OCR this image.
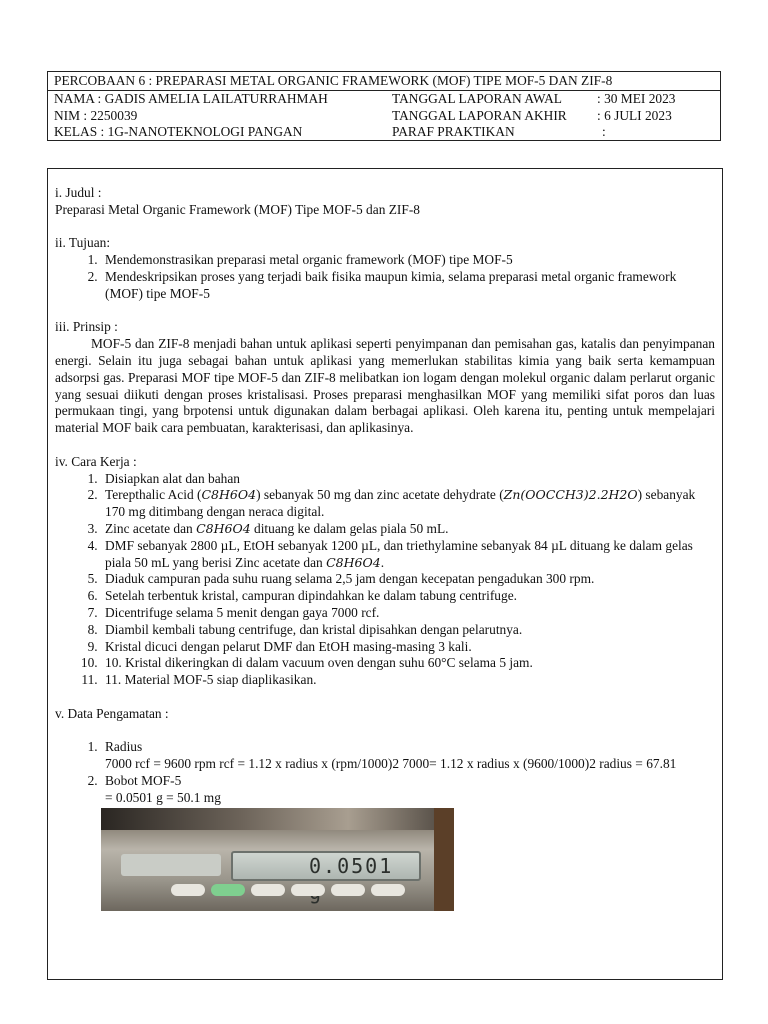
PERCOBAAN 6 : PREPARASI METAL ORGANIC FRAMEWORK (MOF) TIPE MOF-5 DAN ZIF-8
NAMA : GADIS AMELIA LAILATURRAHMAH
NIM : 2250039
KELAS : 1G-NANOTEKNOLOGI PANGAN
TANGGAL LAPORAN AWAL	: 30 MEI 2023
TANGGAL LAPORAN AKHIR : 6 JULI 2023
PARAF PRAKTIKAN	:

i. Judul :

Preparasi Metal Organic Framework (MOF) Tipe MOF-5 dan ZIF-8

ii. Tujuan:

1. Mendemonstrasikan preparasi metal organic framework (MOF) tipe MOF-5
2. Mendeskripsikan proses yang terjadi baik fisika maupun kimia, selama preparasi metal organic framework (MOF) tipe MOF-5

iii. Prinsip :

MOF-5 dan ZIF-8 menjadi bahan untuk aplikasi seperti penyimpanan dan pemisahan gas, katalis dan penyimpanan energi. Selain itu juga sebagai bahan untuk aplikasi yang memerlukan stabilitas kimia yang baik serta kemampuan adsorpsi gas. Preparasi MOF tipe MOF-5 dan ZIF-8 melibatkan ion logam dengan molekul organic dalam perlarut organic yang sesuai diikuti dengan proses kristalisasi. Proses preparasi menghasilkan MOF yang memiliki sifat poros dan luas permukaan tingi, yang brpotensi untuk digunakan dalam berbagai aplikasi. Oleh karena itu, penting untuk mempelajari material MOF baik cara pembuatan, karakterisasi, dan aplikasinya.

iv. Cara Kerja :

1. Disiapkan alat dan bahan
2. Terepthalic Acid (C8H6O4) sebanyak 50 mg dan zinc acetate dehydrate (Zn(OOCCH3)2.2H2O) sebanyak 170 mg ditimbang dengan neraca digital.
3. Zinc acetate dan C8H6O4 dituang ke dalam gelas piala 50 mL.
4. DMF sebanyak 2800 µL, EtOH sebanyak 1200 µL, dan triethylamine sebanyak 84 µL dituang ke dalam gelas piala 50 mL yang berisi Zinc acetate dan C8H6O4.
5. Diaduk campuran pada suhu ruang selama 2,5 jam dengan kecepatan pengadukan 300 rpm.
6. Setelah terbentuk kristal, campuran dipindahkan ke dalam tabung centrifuge.
7. Dicentrifuge selama 5 menit dengan gaya 7000 rcf.
8. Diambil kembali tabung centrifuge, dan kristal dipisahkan dengan pelarutnya.
9. Kristal dicuci dengan pelarut DMF dan EtOH masing-masing 3 kali.
10. 10. Kristal dikeringkan di dalam vacuum oven dengan suhu 60°C selama 5 jam.
11. 11. Material MOF-5 siap diaplikasikan.

v. Data Pengamatan :

1. Radius
7000 rcf = 9600 rpm rcf = 1.12 x radius x (rpm/1000)2 7000= 1.12 x radius x (9600/1000)2 radius = 67.81
2. Bobot MOF-5
= 0.0501 g = 50.1 mg
0.0501
